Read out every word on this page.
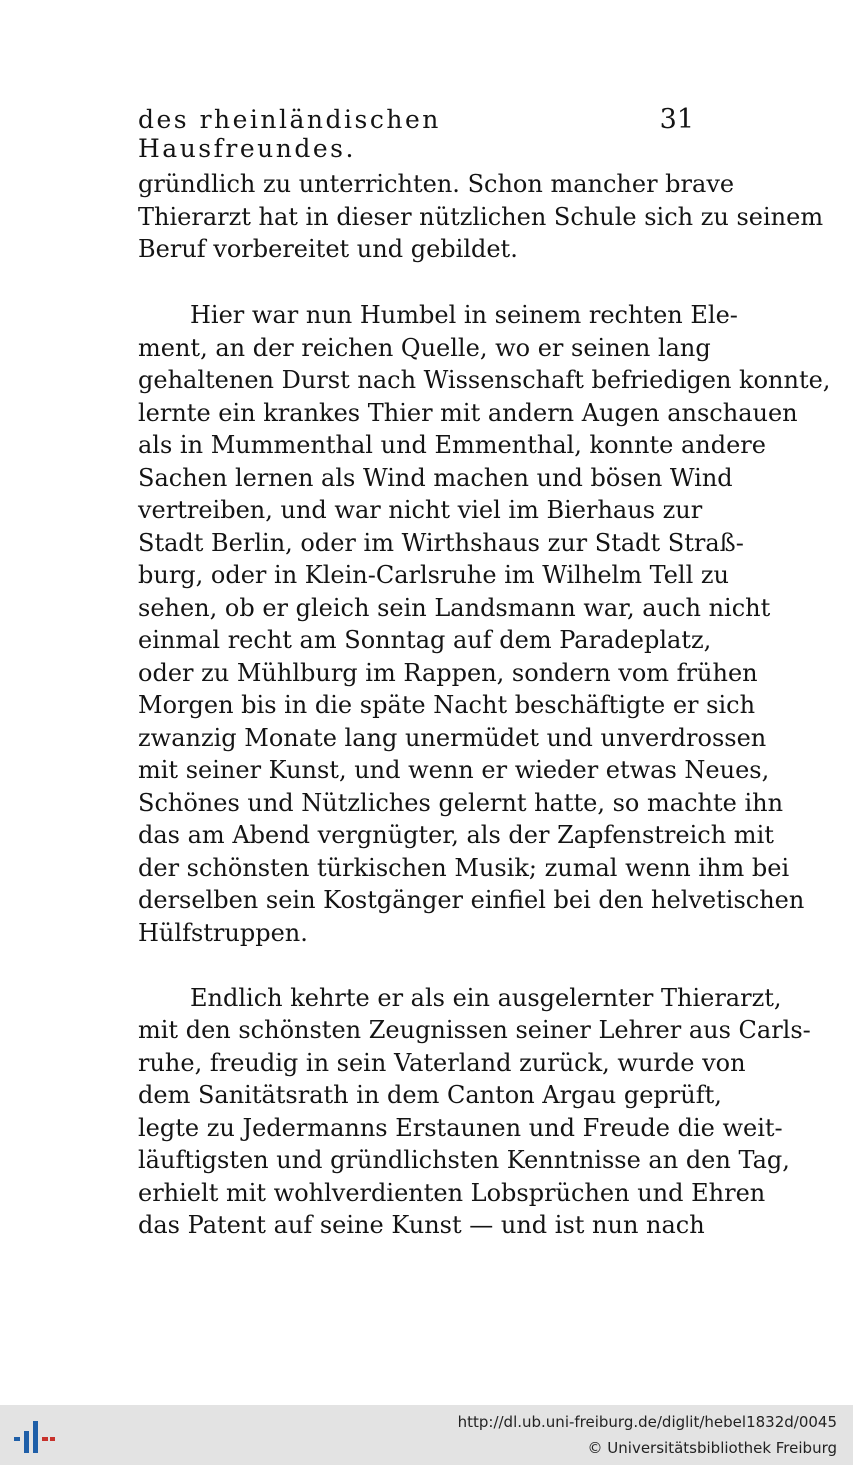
des rheinländischen Hausfreundes.
31
gründlich zu unterrichten. Schon mancher brave
Thierarzt hat in dieser nützlichen Schule sich zu seinem
Beruf vorbereitet und gebildet.
Hier war nun Humbel in seinem rechten Ele-
ment, an der reichen Quelle, wo er seinen lang
gehaltenen Durst nach Wissenschaft befriedigen konnte,
lernte ein krankes Thier mit andern Augen anschauen
als in Mummenthal und Emmenthal, konnte andere
Sachen lernen als Wind machen und bösen Wind
vertreiben, und war nicht viel im Bierhaus zur
Stadt Berlin, oder im Wirthshaus zur Stadt Straß-
burg, oder in Klein-Carlsruhe im Wilhelm Tell zu
sehen, ob er gleich sein Landsmann war, auch nicht
einmal recht am Sonntag auf dem Paradeplatz,
oder zu Mühlburg im Rappen, sondern vom frühen
Morgen bis in die späte Nacht beschäftigte er sich
zwanzig Monate lang unermüdet und unverdrossen
mit seiner Kunst, und wenn er wieder etwas Neues,
Schönes und Nützliches gelernt hatte, so machte ihn
das am Abend vergnügter, als der Zapfenstreich mit
der schönsten türkischen Musik; zumal wenn ihm bei
derselben sein Kostgänger einfiel bei den helvetischen
Hülfstruppen.
Endlich kehrte er als ein ausgelernter Thierarzt,
mit den schönsten Zeugnissen seiner Lehrer aus Carls-
ruhe, freudig in sein Vaterland zurück, wurde von
dem Sanitätsrath in dem Canton Argau geprüft,
legte zu Jedermanns Erstaunen und Freude die weit-
läuftigsten und gründlichsten Kenntnisse an den Tag,
erhielt mit wohlverdienten Lobsprüchen und Ehren
das Patent auf seine Kunst — und ist nun nach
http://dl.ub.uni-freiburg.de/diglit/hebel1832d/0045
© Universitätsbibliothek Freiburg
